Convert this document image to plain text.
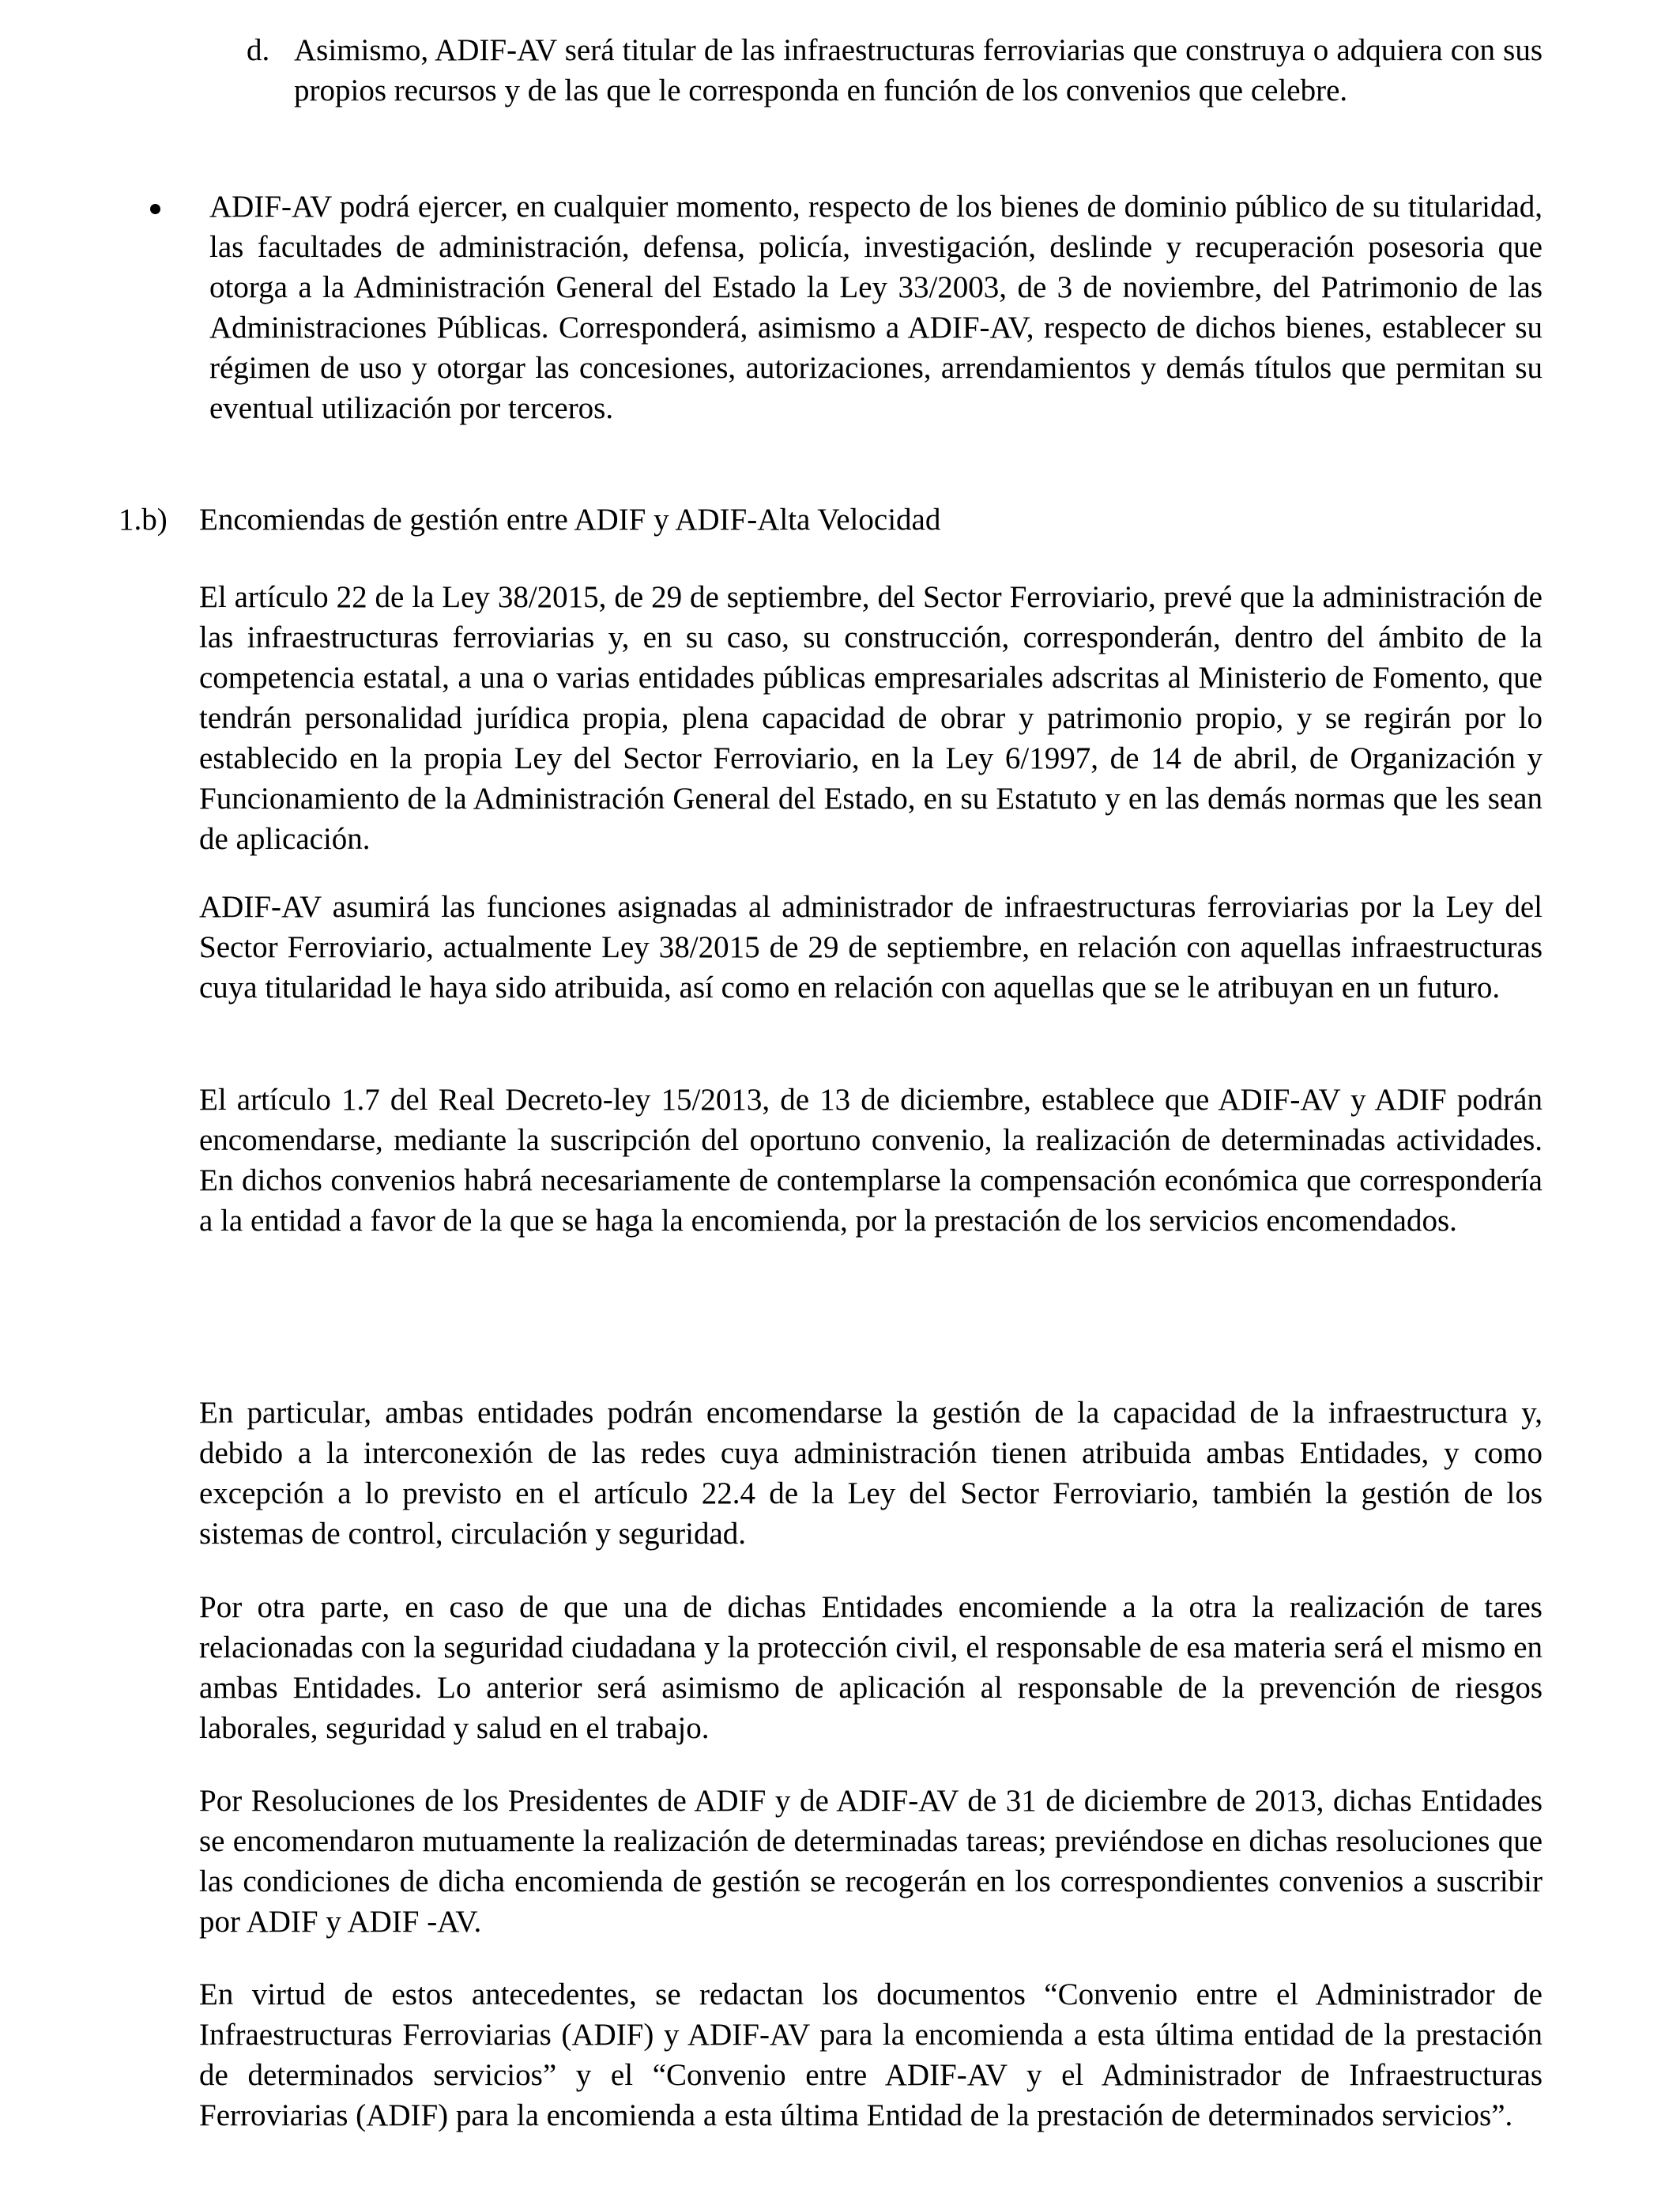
d. Asimismo, ADIF-AV será titular de las infraestructuras ferroviarias que construya o adquiera con sus propios recursos y de las que le corresponda en función de los convenios que celebre.

ADIF-AV podrá ejercer, en cualquier momento, respecto de los bienes de dominio público de su titularidad, las facultades de administración, defensa, policía, investigación, deslinde y recuperación posesoria que otorga a la Administración General del Estado la Ley 33/2003, de 3 de noviembre, del Patrimonio de las Administraciones Públicas. Corresponderá, asimismo a ADIF-AV, respecto de dichos bienes, establecer su régimen de uso y otorgar las concesiones, autorizaciones, arrendamientos y demás títulos que permitan su eventual utilización por terceros.

1.b) Encomiendas de gestión entre ADIF y ADIF-Alta Velocidad

El artículo 22 de la Ley 38/2015, de 29 de septiembre, del Sector Ferroviario, prevé que la administración de las infraestructuras ferroviarias y, en su caso, su construcción, corresponderán, dentro del ámbito de la competencia estatal, a una o varias entidades públicas empresariales adscritas al Ministerio de Fomento, que tendrán personalidad jurídica propia, plena capacidad de obrar y patrimonio propio, y se regirán por lo establecido en la propia Ley del Sector Ferroviario, en la Ley 6/1997, de 14 de abril, de Organización y Funcionamiento de la Administración General del Estado, en su Estatuto y en las demás normas que les sean de aplicación.

ADIF-AV asumirá las funciones asignadas al administrador de infraestructuras ferroviarias por la Ley del Sector Ferroviario, actualmente Ley 38/2015 de 29 de septiembre, en relación con aquellas infraestructuras cuya titularidad le haya sido atribuida, así como en relación con aquellas que se le atribuyan en un futuro.

El artículo 1.7 del Real Decreto-ley 15/2013, de 13 de diciembre, establece que ADIF-AV y ADIF podrán encomendarse, mediante la suscripción del oportuno convenio, la realización de determinadas actividades. En dichos convenios habrá necesariamente de contemplarse la compensación económica que correspondería a la entidad a favor de la que se haga la encomienda, por la prestación de los servicios encomendados.

En particular, ambas entidades podrán encomendarse la gestión de la capacidad de la infraestructura y, debido a la interconexión de las redes cuya administración tienen atribuida ambas Entidades, y como excepción a lo previsto en el artículo 22.4 de la Ley del Sector Ferroviario, también la gestión de los sistemas de control, circulación y seguridad.

Por otra parte, en caso de que una de dichas Entidades encomiende a la otra la realización de tares relacionadas con la seguridad ciudadana y la protección civil, el responsable de esa materia será el mismo en ambas Entidades. Lo anterior será asimismo de aplicación al responsable de la prevención de riesgos laborales, seguridad y salud en el trabajo.

Por Resoluciones de los Presidentes de ADIF y de ADIF-AV de 31 de diciembre de 2013, dichas Entidades se encomendaron mutuamente la realización de determinadas tareas; previéndose en dichas resoluciones que las condiciones de dicha encomienda de gestión se recogerán en los correspondientes convenios a suscribir por ADIF y ADIF -AV.

En virtud de estos antecedentes, se redactan los documentos “Convenio entre el Administrador de Infraestructuras Ferroviarias (ADIF) y ADIF-AV para la encomienda a esta última entidad de la prestación de determinados servicios” y el “Convenio entre ADIF-AV y el Administrador de Infraestructuras Ferroviarias (ADIF) para la encomienda a esta última Entidad de la prestación de determinados servicios”.
